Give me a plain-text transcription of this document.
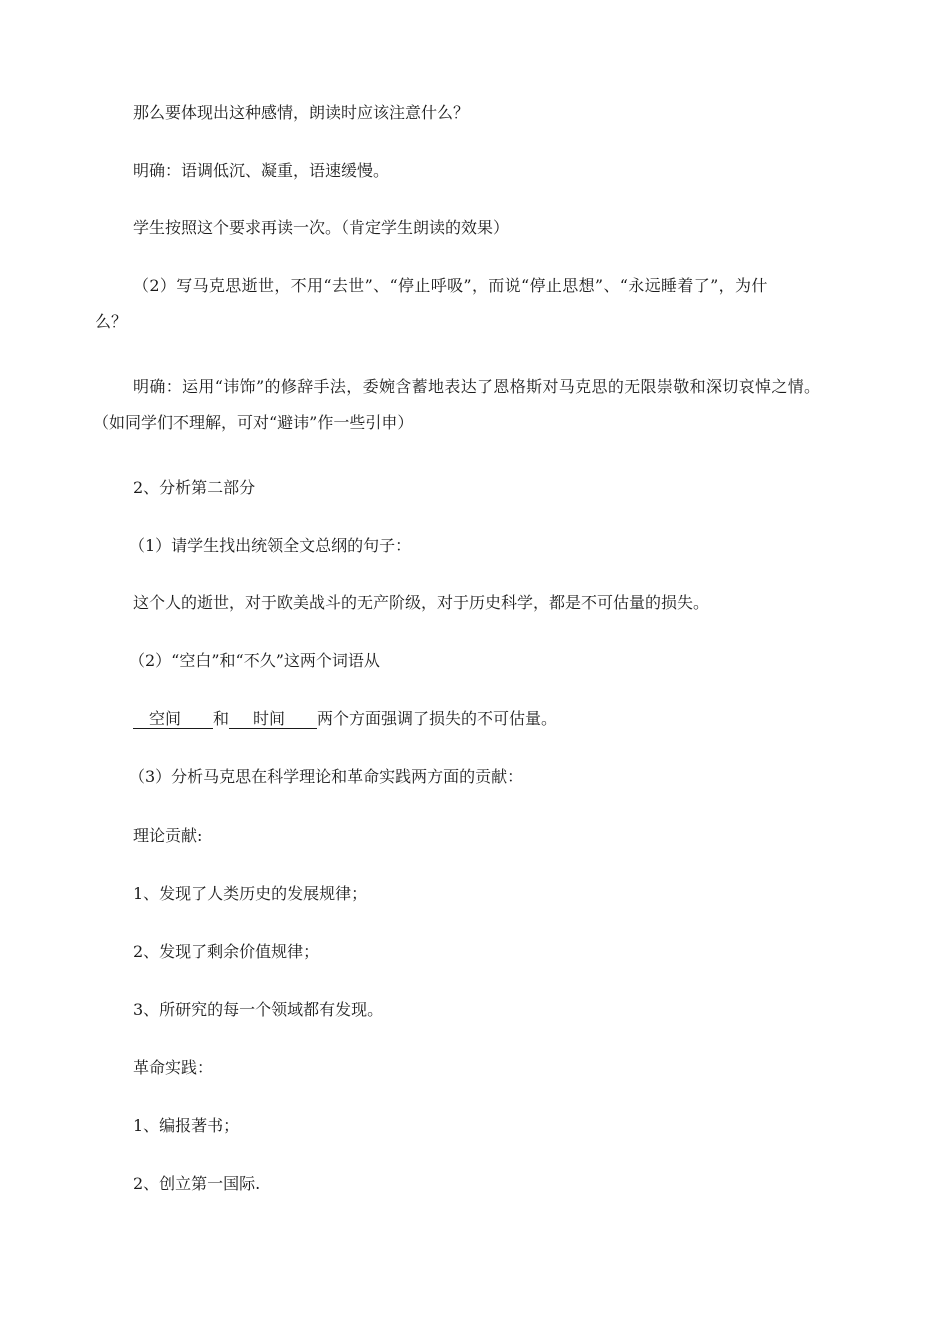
那么要体现出这种感情，朗读时应该注意什么？

明确：语调低沉、凝重，语速缓慢。

学生按照这个要求再读一次。（肯定学生朗读的效果）

（2）写马克思逝世，不用“去世”、“停止呼吸”，而说“停止思想”、“永远睡着了”，为什
么？
明确：运用“讳饰”的修辞手法，委婉含蓄地表达了恩格斯对马克思的无限崇敬和深切哀悼之情。
（如同学们不理解，可对“避讳”作一些引申）

2、分析第二部分

（1）请学生找出统领全文总纲的句子：

这个人的逝世，对于欧美战斗的无产阶级，对于历史科学，都是不可估量的损失。

（2）“空白”和“不久”这两个词语从

空间 和 时间 两个方面强调了损失的不可估量。

（3）分析马克思在科学理论和革命实践两方面的贡献：

理论贡献:

1、发现了人类历史的发展规律；

2、发现了剩余价值规律；

3、所研究的每一个领域都有发现。

革命实践：

1、编报著书；

2、创立第一国际.
